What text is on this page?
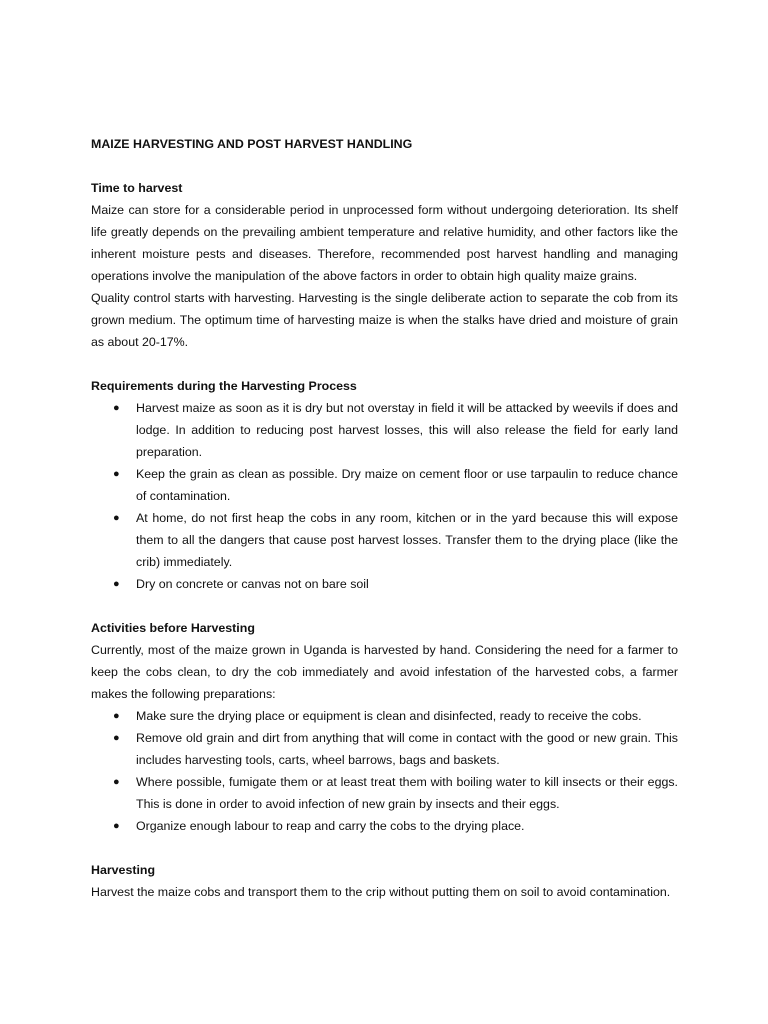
MAIZE HARVESTING AND POST HARVEST HANDLING
Time to harvest

Maize can store for a considerable period in unprocessed form without undergoing deterioration. Its shelf life greatly depends on the prevailing ambient temperature and relative humidity, and other factors like the inherent moisture pests and diseases. Therefore, recommended post harvest handling and managing operations involve the manipulation of the above factors in order to obtain high quality maize grains.

Quality control starts with harvesting. Harvesting is the single deliberate action to separate the cob from its grown medium. The optimum time of harvesting maize is when the stalks have dried and moisture of grain as about 20-17%.

Requirements during the Harvesting Process
● Harvest maize as soon as it is dry but not overstay in field it will be attacked by weevils if does and lodge. In addition to reducing post harvest losses, this will also release the field for early land preparation.
● Keep the grain as clean as possible. Dry maize on cement floor or use tarpaulin to reduce chance of contamination.
● At home, do not first heap the cobs in any room, kitchen or in the yard because this will expose them to all the dangers that cause post harvest losses. Transfer them to the drying place (like the crib) immediately.
● Dry on concrete or canvas not on bare soil
Activities before Harvesting

Currently, most of the maize grown in Uganda is harvested by hand. Considering the need for a farmer to keep the cobs clean, to dry the cob immediately and avoid infestation of the harvested cobs, a farmer makes the following preparations:

● Make sure the drying place or equipment is clean and disinfected, ready to receive the cobs.
● Remove old grain and dirt from anything that will come in contact with the good or new grain. This includes harvesting tools, carts, wheel barrows, bags and baskets.
● Where possible, fumigate them or at least treat them with boiling water to kill insects or their eggs. This is done in order to avoid infection of new grain by insects and their eggs.
● Organize enough labour to reap and carry the cobs to the drying place.
Harvesting

Harvest the maize cobs and transport them to the crip without putting them on soil to avoid contamination.
